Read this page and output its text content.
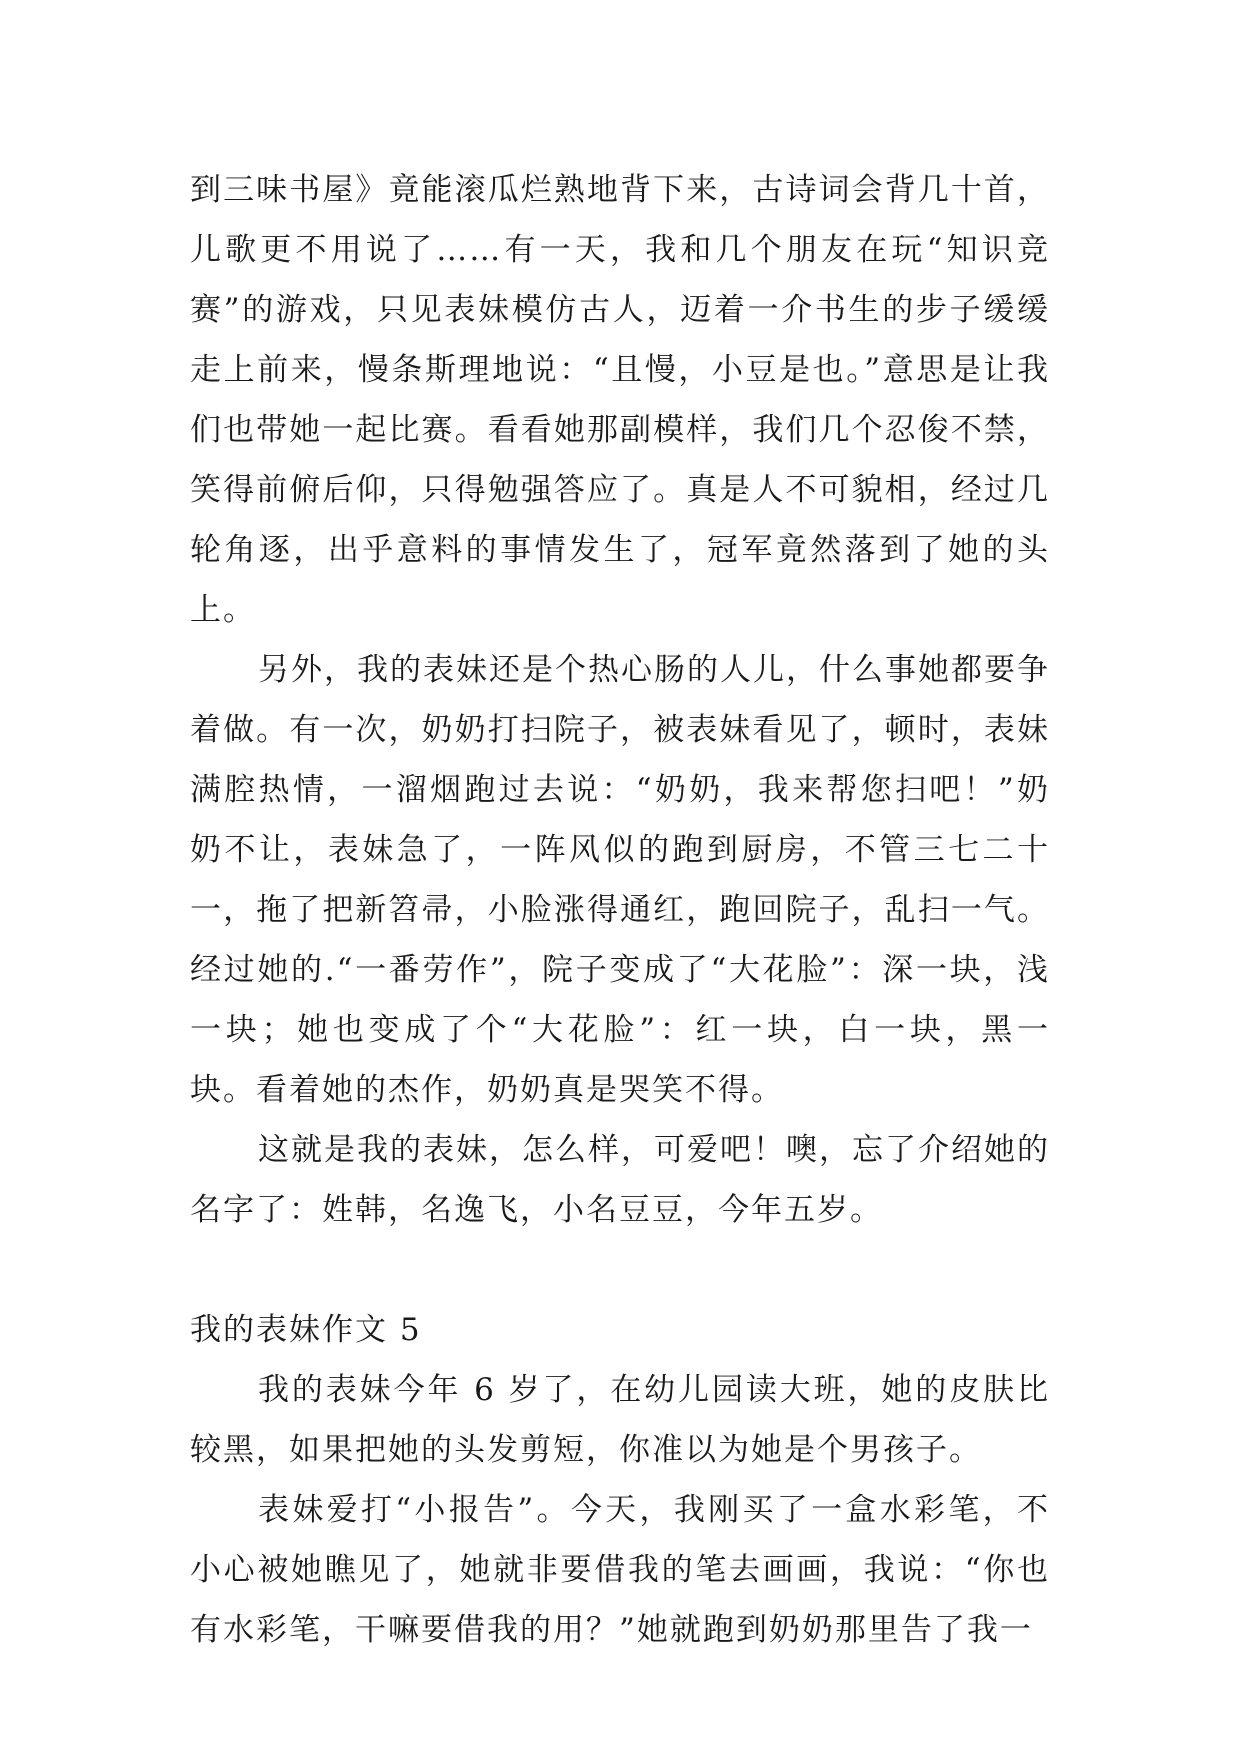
到三味书屋》竟能滚瓜烂熟地背下来，古诗词会背几十首，儿歌更不用说了……有一天，我和几个朋友在玩“知识竞赛”的游戏，只见表妹模仿古人，迈着一介书生的步子缓缓走上前来，慢条斯理地说：“且慢，小豆是也。”意思是让我们也带她一起比赛。看看她那副模样，我们几个忍俊不禁，笑得前俯后仰，只得勉强答应了。真是人不可貌相，经过几轮角逐，出乎意料的事情发生了，冠军竟然落到了她的头上。

另外，我的表妹还是个热心肠的人儿，什么事她都要争着做。有一次，奶奶打扫院子，被表妹看见了，顿时，表妹满腔热情，一溜烟跑过去说：“奶奶，我来帮您扫吧！”奶奶不让，表妹急了，一阵风似的跑到厨房，不管三七二十一，拖了把新笤帚，小脸涨得通红，跑回院子，乱扫一气。经过她的.“一番劳作”，院子变成了“大花脸”：深一块，浅一块；她也变成了个“大花脸”：红一块，白一块，黑一块。看着她的杰作，奶奶真是哭笑不得。

这就是我的表妹，怎么样，可爱吧！噢，忘了介绍她的名字了：姓韩，名逸飞，小名豆豆，今年五岁。

我的表妹作文 5

我的表妹今年 6 岁了，在幼儿园读大班，她的皮肤比较黑，如果把她的头发剪短，你准以为她是个男孩子。

表妹爱打“小报告”。今天，我刚买了一盒水彩笔，不小心被她瞧见了，她就非要借我的笔去画画，我说：“你也有水彩笔，干嘛要借我的用？”她就跑到奶奶那里告了我一
